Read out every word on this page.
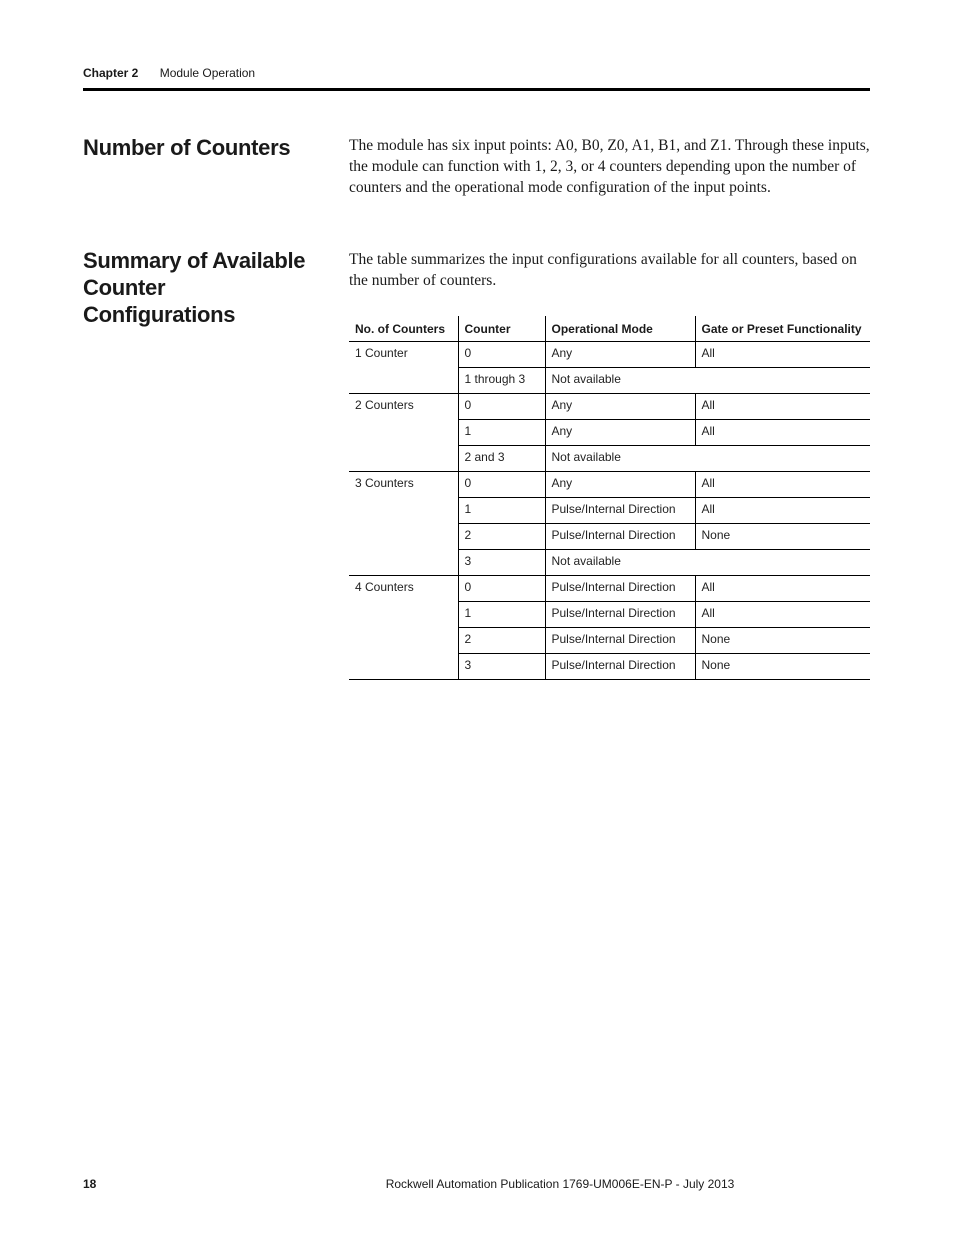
Chapter 2 Module Operation
Number of Counters	The module has six input points: A0, B0, Z0, A1, B1, and Z1. Through these inputs, the module can function with 1, 2, 3, or 4 counters depending upon the number of counters and the operational mode configuration of the input points.

Summary of Available Counter Configurations

The table summarizes the input configurations available for all counters, based on the number of counters.

No. of Counters	Counter	Operational Mode	Gate or Preset Functionality
1 Counter	0	Any	All
	1 through 3	Not available	
2 Counters	0	Any	All
	1	Any	All
	2 and 3	Not available	
3 Counters	0	Any	All
	1	Pulse/Internal Direction	All
	2	Pulse/Internal Direction	None
	3	Not available	
4 Counters	0	Pulse/Internal Direction	All
	1	Pulse/Internal Direction	All
	2	Pulse/Internal Direction	None
	3	Pulse/Internal Direction	None
18	Rockwell Automation Publication 1769-UM006E-EN-P - July 2013
